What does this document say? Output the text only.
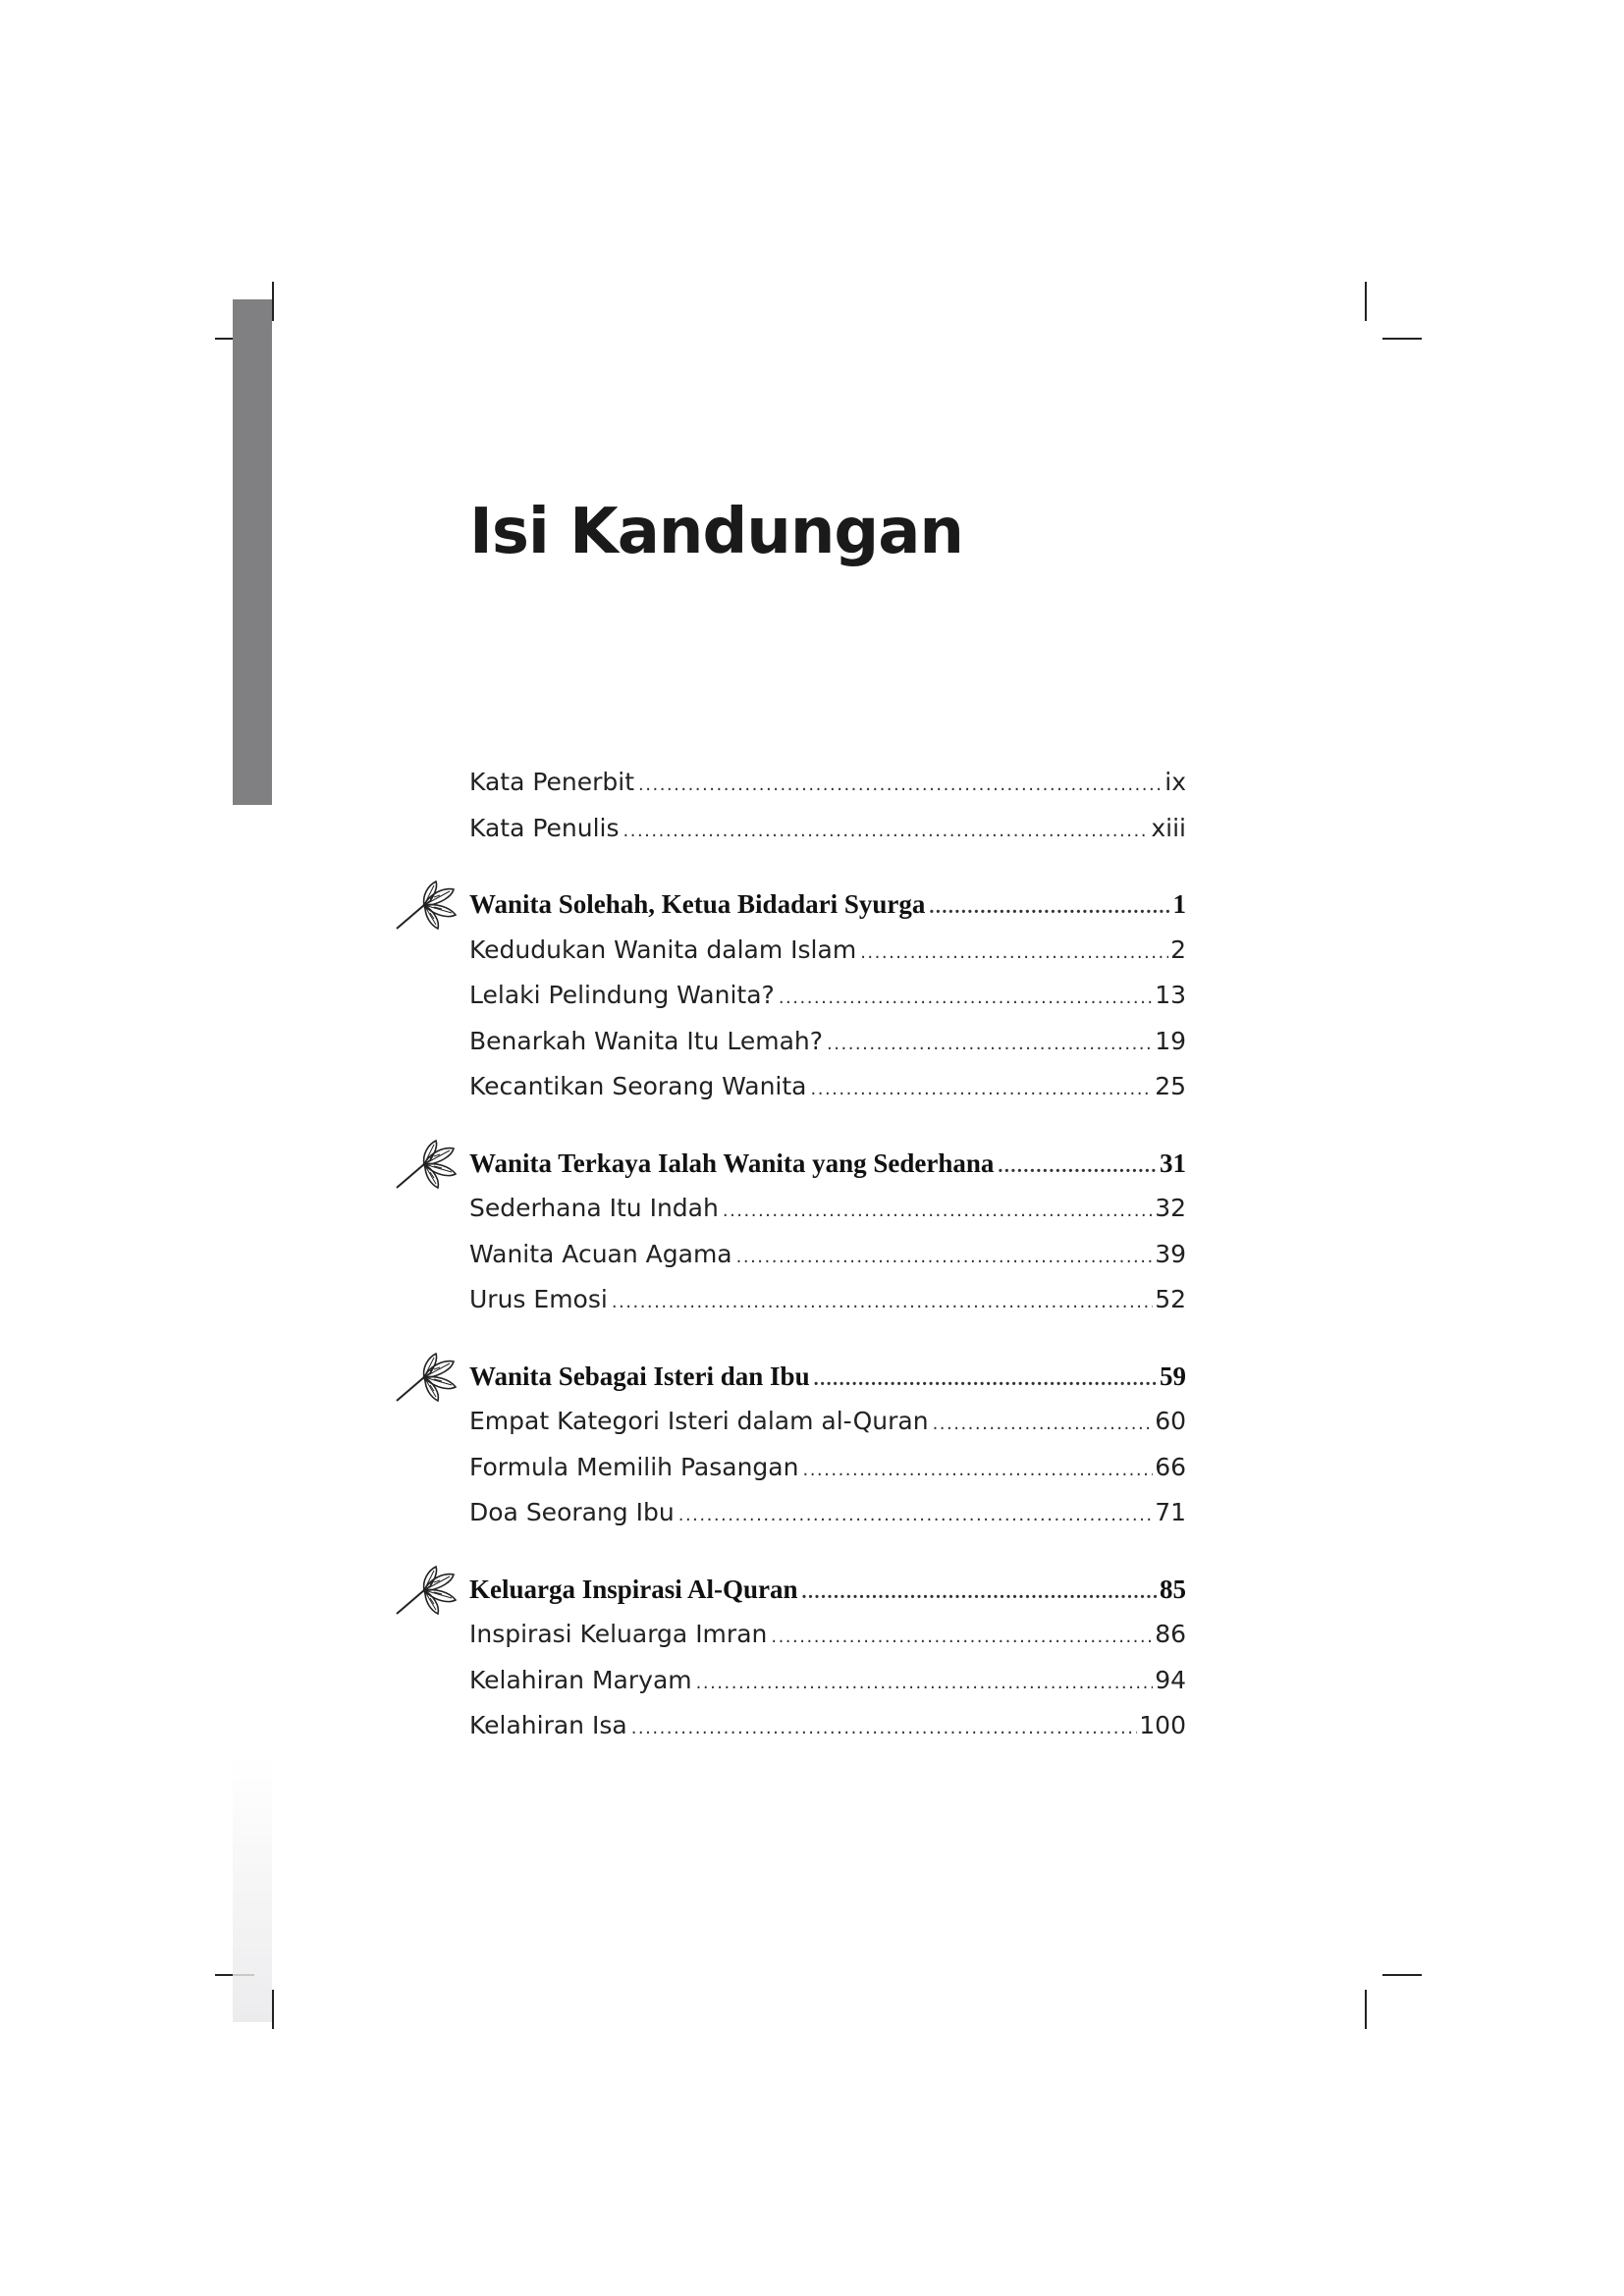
Isi Kandungan
Kata Penerbit .....	ix
Kata Penulis .....	xiii
Wanita Solehah, Ketua Bidadari Syurga .....	1
Kedudukan Wanita dalam Islam .....	2
Lelaki Pelindung Wanita? .....	13
Benarkah Wanita Itu Lemah? .....	19
Kecantikan Seorang Wanita .....	25
Wanita Terkaya Ialah Wanita yang Sederhana .....	31
Sederhana Itu Indah .....	32
Wanita Acuan Agama .....	39
Urus Emosi .....	52
Wanita Sebagai Isteri dan Ibu .....	59
Empat Kategori Isteri dalam al-Quran .....	60
Formula Memilih Pasangan .....	66
Doa Seorang Ibu .....	71
Keluarga Inspirasi Al-Quran .....	85
Inspirasi Keluarga Imran .....	86
Kelahiran Maryam .....	94
Kelahiran Isa .....	100
